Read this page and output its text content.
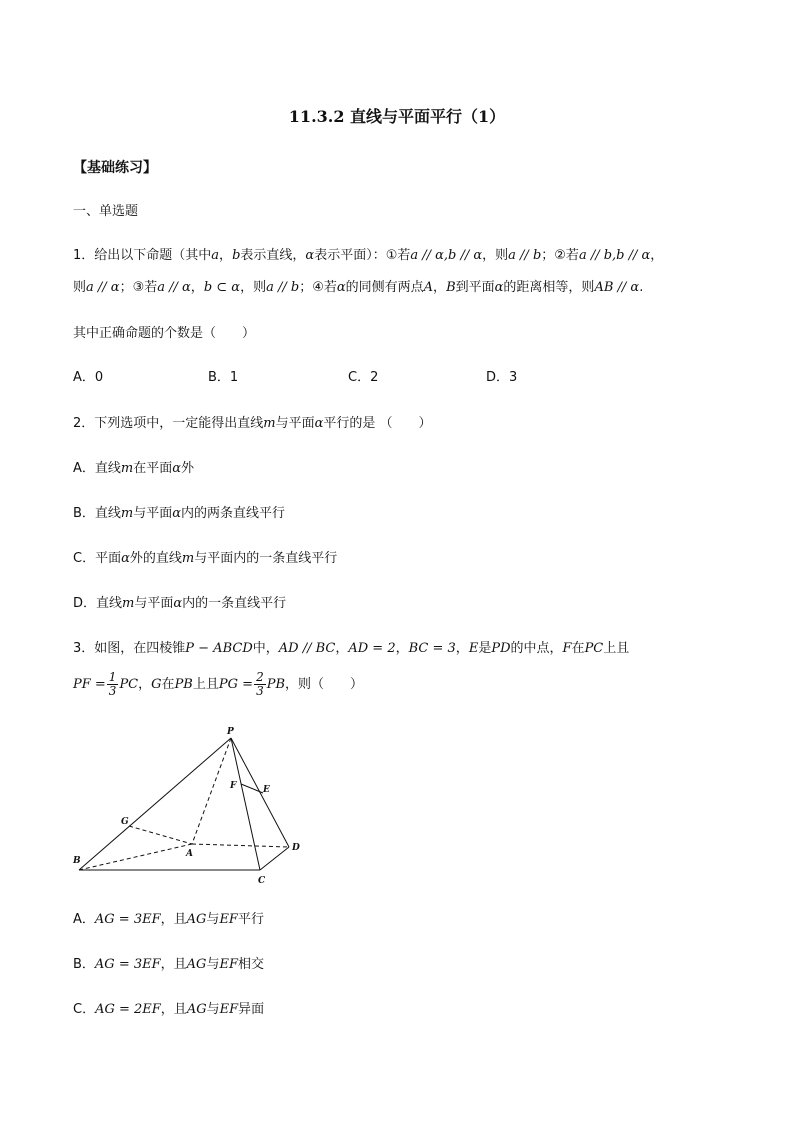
11.3.2 直线与平面平行（1）
【基础练习】
一、单选题
1．给出以下命题（其中a，b表示直线，α表示平面）：①若a // α,b // α，则a // b；②若a // b,b // α，
则a // α；③若a // α，b ⊂ α，则a // b；④若α的同侧有两点A，B到平面α的距离相等，则AB // α.
其中正确命题的个数是（　　）
A．0	B．1	C．2	D．3
2．下列选项中，一定能得出直线m与平面α平行的是 （　　）
A．直线m在平面α外
B．直线m与平面α内的两条直线平行
C．平面α外的直线m与平面内的一条直线平行
D．直线m与平面α内的一条直线平行
3．如图，在四棱锥P − ABCD中，AD // BC，AD = 2，BC = 3，E是PD的中点，F在PC上且
PF = $\frac{1}{3}$ PC，G在PB上且PG = $\frac{2}{3}$ PB，则（　　）
P
F	E
G
A
B
C
D
A．AG = 3EF，且AG与EF平行
B．AG = 3EF，且AG与EF相交
C．AG = 2EF，且AG与EF异面
